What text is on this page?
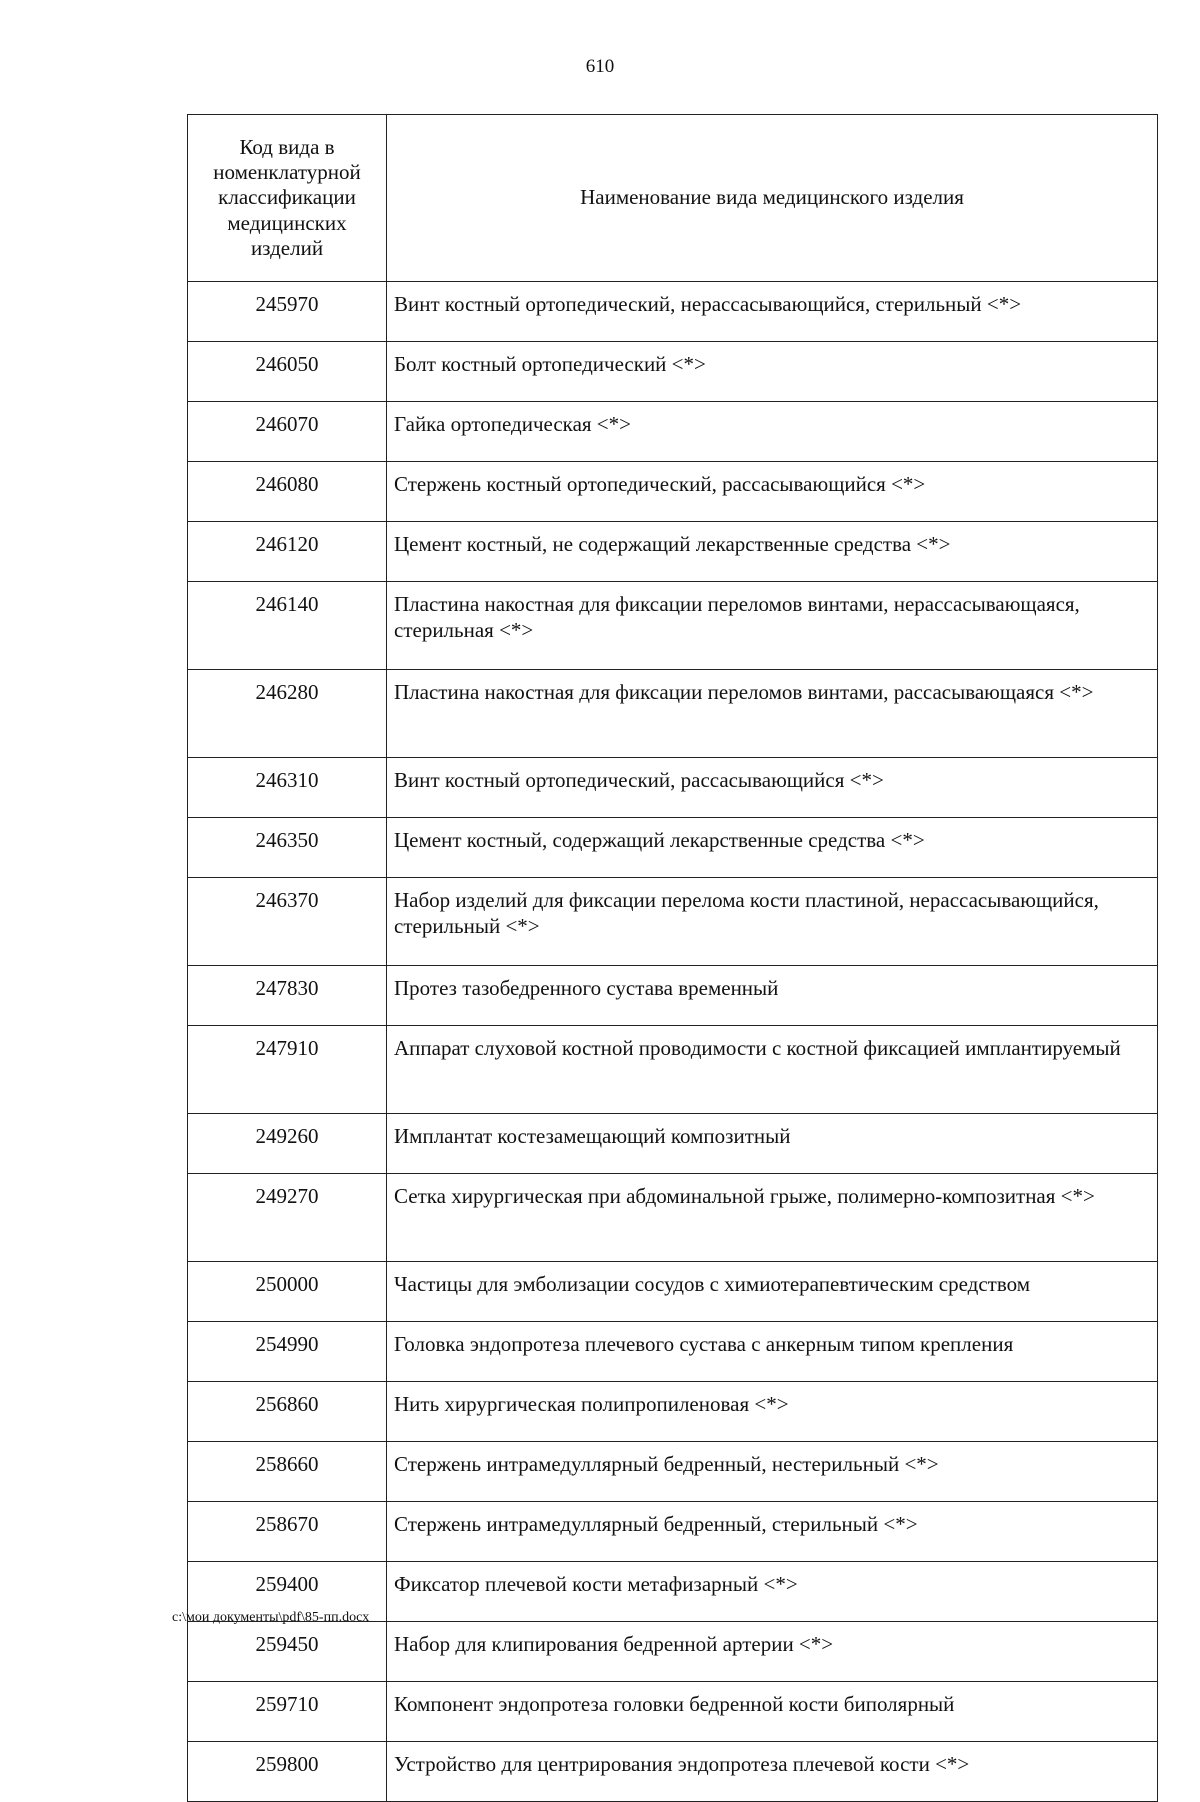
610
Код вида в номенклатурной классификации медицинских изделий	Наименование вида медицинского изделия
245970	Винт костный ортопедический, нерассасывающийся, стерильный <*>
246050	Болт костный ортопедический <*>
246070	Гайка ортопедическая <*>
246080	Стержень костный ортопедический, рассасывающийся <*>
246120	Цемент костный, не содержащий лекарственные средства <*>
246140	Пластина накостная для фиксации переломов винтами, нерассасывающаяся, стерильная <*>
246280	Пластина накостная для фиксации переломов винтами, рассасывающаяся <*>
246310	Винт костный ортопедический, рассасывающийся <*>
246350	Цемент костный, содержащий лекарственные средства <*>
246370	Набор изделий для фиксации перелома кости пластиной, нерассасывающийся, стерильный <*>
247830	Протез тазобедренного сустава временный
247910	Аппарат слуховой костной проводимости с костной фиксацией имплантируемый
249260	Имплантат костезамещающий композитный
249270	Сетка хирургическая при абдоминальной грыже, полимерно-композитная <*>
250000	Частицы для эмболизации сосудов с химиотерапевтическим средством
254990	Головка эндопротеза плечевого сустава с анкерным типом крепления
256860	Нить хирургическая полипропиленовая <*>
258660	Стержень интрамедуллярный бедренный, нестерильный <*>
258670	Стержень интрамедуллярный бедренный, стерильный <*>
259400	Фиксатор плечевой кости метафизарный <*>
259450	Набор для клипирования бедренной артерии <*>
259710	Компонент эндопротеза головки бедренной кости биполярный
259800	Устройство для центрирования эндопротеза плечевой кости <*>
c:\мои документы\pdf\85-пп.docx
